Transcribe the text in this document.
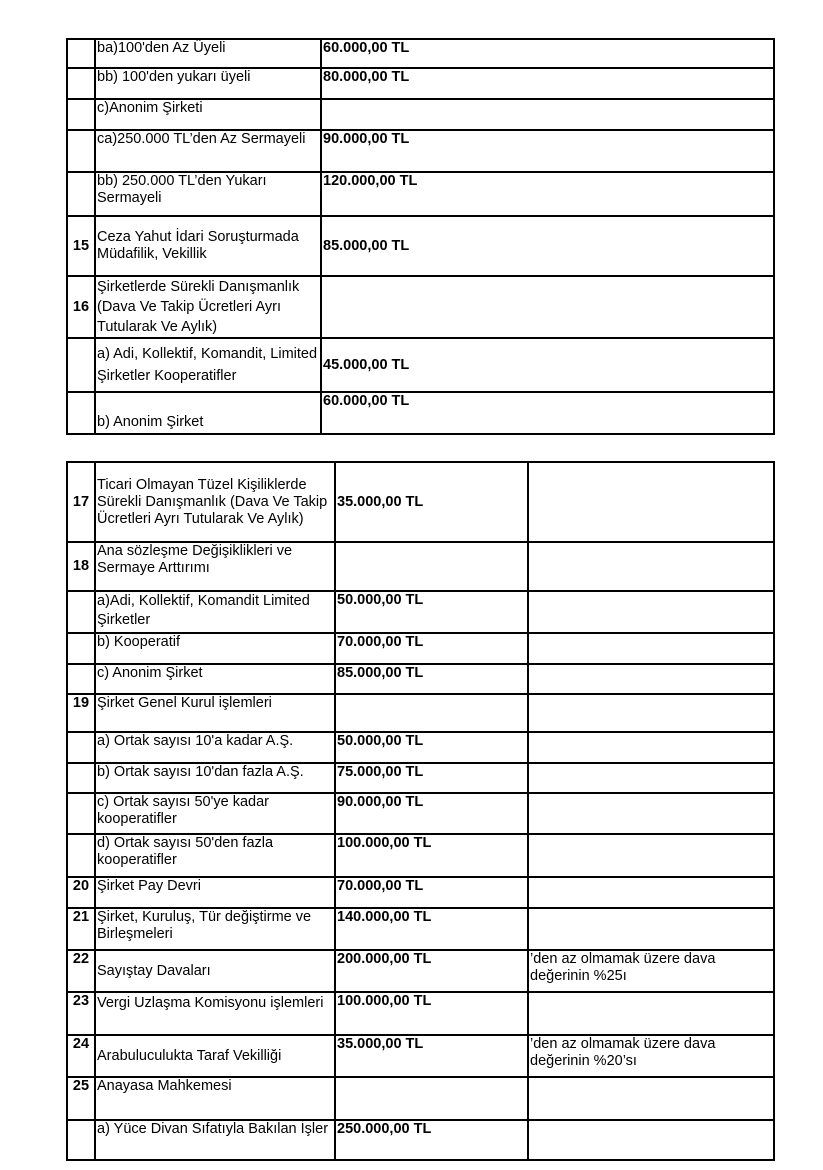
	ba)100'den Az Üyeli	60.000,00 TL
	bb) 100'den yukarı üyeli	80.000,00 TL
	c)Anonim Şirketi	
	ca)250.000 TL’den Az Sermayeli	90.000,00 TL
	bb) 250.000 TL’den Yukarı Sermayeli	120.000,00 TL
15	Ceza Yahut İdari Soruşturmada Müdafilik, Vekillik	85.000,00 TL
16	Şirketlerde Sürekli Danışmanlık (Dava Ve Takip Ücretleri Ayrı Tutularak Ve Aylık)	
	a) Adi, Kollektif, Komandit, Limited Şirketler Kooperatifler	45.000,00 TL
	b) Anonim Şirket	60.000,00 TL
17	Ticari Olmayan Tüzel Kişiliklerde Sürekli Danışmanlık (Dava Ve Takip Ücretleri Ayrı Tutularak Ve Aylık)	35.000,00 TL	
18	Ana sözleşme Değişiklikleri ve Sermaye Arttırımı		
	a)Adi, Kollektif, Komandit Limited Şirketler	50.000,00 TL	
	b) Kooperatif	70.000,00 TL	
	c) Anonim Şirket	85.000,00 TL	
19	Şirket Genel Kurul işlemleri		
	a) Ortak sayısı 10'a kadar A.Ş.	50.000,00 TL	
	b) Ortak sayısı 10'dan fazla A.Ş.	75.000,00 TL	
	c) Ortak sayısı 50'ye kadar kooperatifler	90.000,00 TL	
	d) Ortak sayısı 50'den fazla kooperatifler	100.000,00 TL	
20	Şirket Pay Devri	70.000,00 TL	
21	Şirket, Kuruluş, Tür değiştirme ve Birleşmeleri	140.000,00 TL	
22	Sayıştay Davaları	200.000,00 TL	’den az olmamak üzere dava değerinin %25ı
23	Vergi Uzlaşma Komisyonu işlemleri	100.000,00 TL	
24	Arabuluculukta Taraf Vekilliği	35.000,00 TL	’den az olmamak üzere dava değerinin %20’sı
25	Anayasa Mahkemesi		
	a) Yüce Divan Sıfatıyla Bakılan İşler	250.000,00 TL	
